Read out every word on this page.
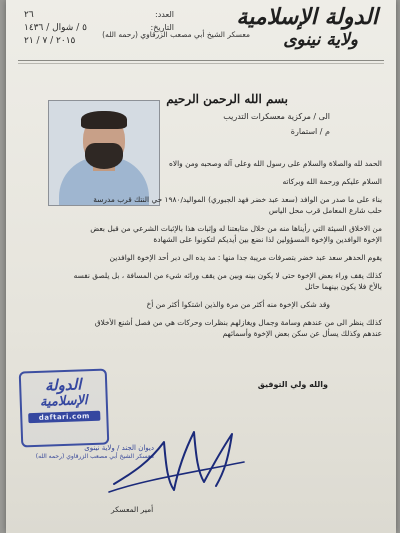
الدولة الإسلامية
ولاية نينوى
معسكر الشيخ أبي مصعب الزرقاوي (رحمه الله)
العدد:
٢٦
التاريخ:
٥ / شوال / ١٤٣٦
٢٠١٥ / ٧ / ٢١
بسم الله الرحمن الرحيم
الى / مركزية معسكرات التدريب
م / استمارة

الحمد لله والصلاة والسلام على رسول الله وعلى آله وصحبه ومن والاه

السلام عليكم ورحمة الله وبركاته

بناء على ما صدر من الوافد (سعد عبد خضر فهد الجبوري) المواليد/١٩٨٠ حي النتك قرب مدرسة

حلب شارع المعامل قرب محل الياس

من الاخلاق السيئة التي رأيناها منه من خلال متابعتنا له وإثبات هذا بالإثبات الشرعي من قبل بعض

الإخوة الوافدين والإخوة المسؤولين لذا نضع بين أيديكم لتكونوا على الشهادة

يقوم الحدهر سعد عبد خضر بتصرفات مريبة جدا منها : مد يده الى دبر أحد الإخوة الوافدين

كذلك يقف وراء بعض الإخوة حتى لا يكون بينه وبين من يقف ورائه شيء من المسافة ، بل يلصق نفسه

بالأخ فلا يكون بينهما حائل

وقد شكى الإخوة منه أكثر من مرة والذين اشتكوا أكثر من أخ

كذلك ينظر الى من عندهم وسامة وجمال ويغازلهم بنظرات وحركات هي من فصل أشنع الأخلاق

عندهم وكذلك يسأل عن سكن بعض الإخوة وأسمائهم

والله ولي التوفيق
الدولة
الإسلامية
daftari.com
ديوان الجند / ولاية نينوى
معسكر الشيخ أبي مصعب الزرقاوي (رحمه الله)
أمير المعسكر
